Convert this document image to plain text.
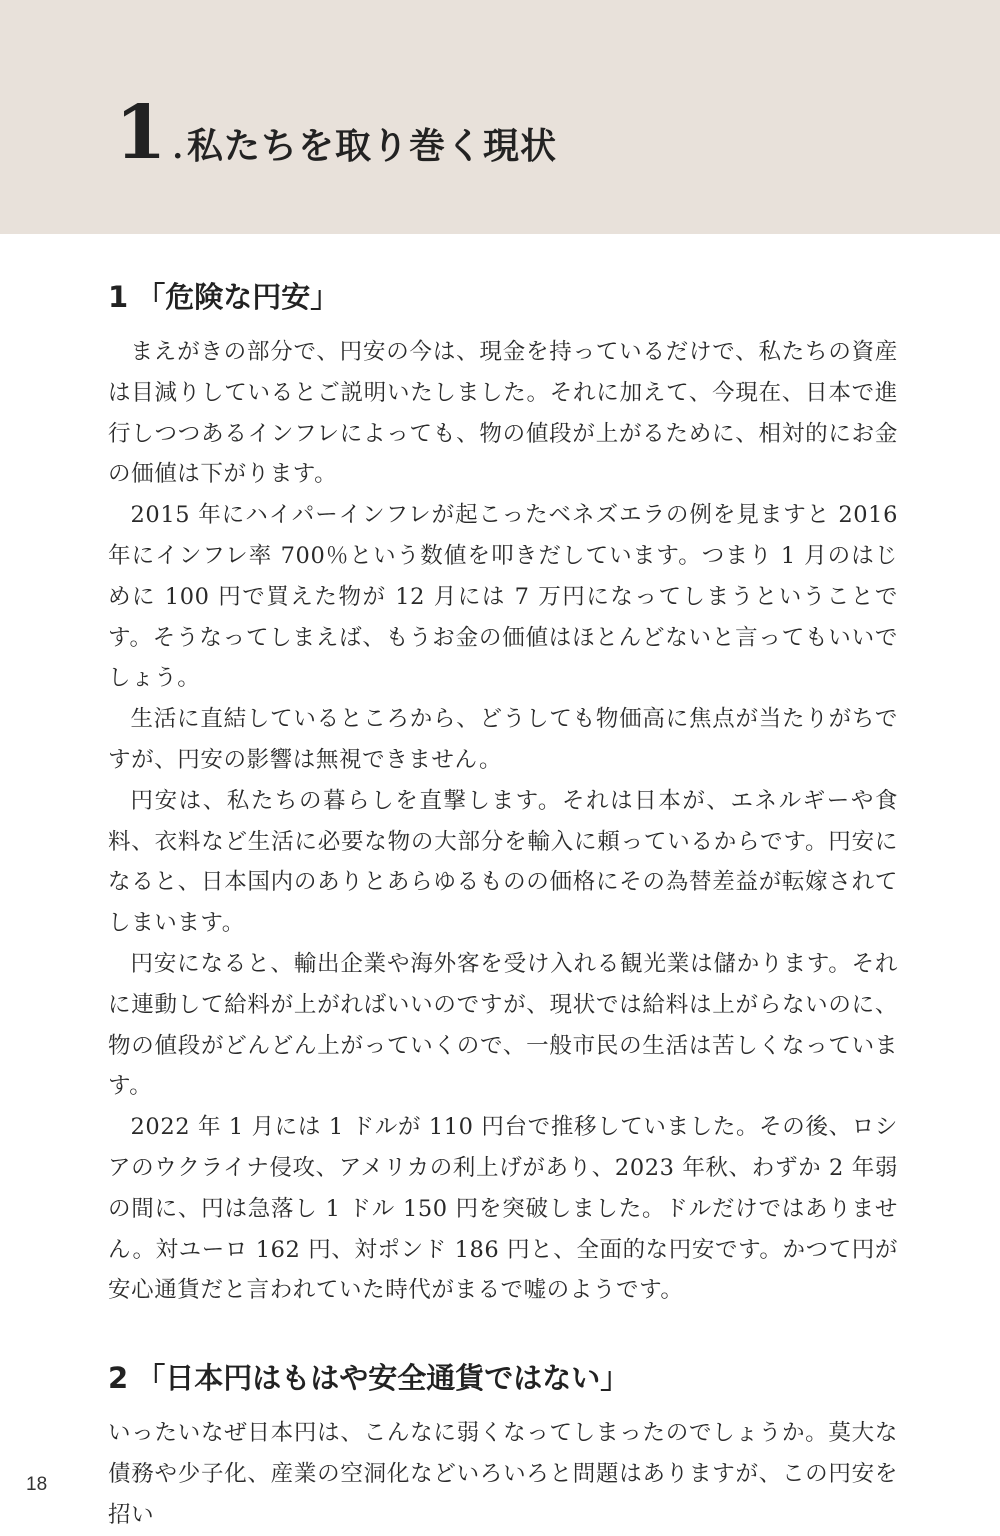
1 . 私たちを取り巻く現状
1 「危険な円安」

まえがきの部分で、円安の今は、現金を持っているだけで、私たちの資産は目減りしているとご説明いたしました。それに加えて、今現在、日本で進行しつつあるインフレによっても、物の値段が上がるために、相対的にお金の価値は下がります。

2015 年にハイパーインフレが起こったベネズエラの例を見ますと 2016 年にインフレ率 700％という数値を叩きだしています。つまり 1 月のはじめに 100 円で買えた物が 12 月には 7 万円になってしまうということです。そうなってしまえば、もうお金の価値はほとんどないと言ってもいいでしょう。

生活に直結しているところから、どうしても物価高に焦点が当たりがちですが、円安の影響は無視できません。

円安は、私たちの暮らしを直撃します。それは日本が、エネルギーや食料、衣料など生活に必要な物の大部分を輸入に頼っているからです。円安になると、日本国内のありとあらゆるものの価格にその為替差益が転嫁されてしまいます。

円安になると、輸出企業や海外客を受け入れる観光業は儲かります。それに連動して給料が上がればいいのですが、現状では給料は上がらないのに、物の値段がどんどん上がっていくので、一般市民の生活は苦しくなっています。

2022 年 1 月には 1 ドルが 110 円台で推移していました。その後、ロシアのウクライナ侵攻、アメリカの利上げがあり、2023 年秋、わずか 2 年弱の間に、円は急落し 1 ドル 150 円を突破しました。ドルだけではありません。対ユーロ 162 円、対ポンド 186 円と、全面的な円安です。かつて円が安心通貨だと言われていた時代がまるで嘘のようです。

2 「日本円はもはや安全通貨ではない」

いったいなぜ日本円は、こんなに弱くなってしまったのでしょうか。莫大な債務や少子化、産業の空洞化などいろいろと問題はありますが、この円安を招い

18
